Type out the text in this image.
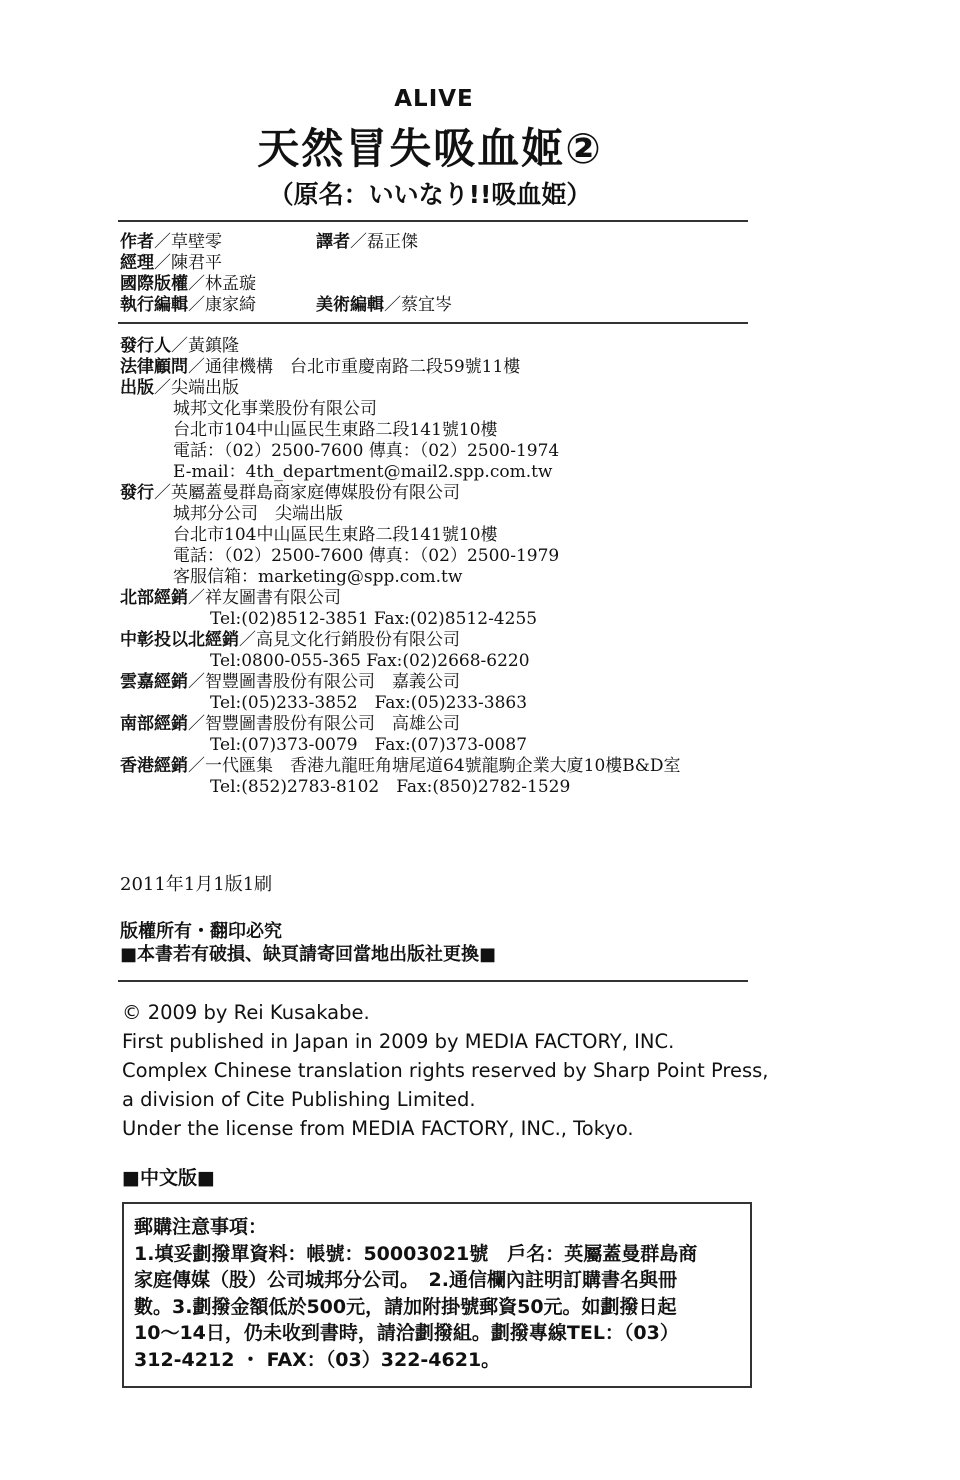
ALIVE
天然冒失吸血姬②
（原名：いいなり!!吸血姫）
作者／草壁零	譯者／磊正傑
經理／陳君平
國際版權／林孟璇
執行編輯／康家綺	美術編輯／蔡宜岑
發行人／黃鎮隆
法律顧問／通律機構　台北市重慶南路二段59號11樓
出版／尖端出版
城邦文化事業股份有限公司
台北市104中山區民生東路二段141號10樓
電話：（02）2500-7600 傳真：（02）2500-1974
E-mail：4th_department@mail2.spp.com.tw
發行／英屬蓋曼群島商家庭傳媒股份有限公司
城邦分公司　尖端出版
台北市104中山區民生東路二段141號10樓
電話：（02）2500-7600 傳真：（02）2500-1979
客服信箱：marketing@spp.com.tw
北部經銷／祥友圖書有限公司
Tel:(02)8512-3851 Fax:(02)8512-4255
中彰投以北經銷／高見文化行銷股份有限公司
Tel:0800-055-365 Fax:(02)2668-6220
雲嘉經銷／智豐圖書股份有限公司　嘉義公司
Tel:(05)233-3852　Fax:(05)233-3863
南部經銷／智豐圖書股份有限公司　高雄公司
Tel:(07)373-0079　Fax:(07)373-0087
香港經銷／一代匯集　香港九龍旺角塘尾道64號龍駒企業大廈10樓B&D室
Tel:(852)2783-8102　Fax:(850)2782-1529
2011年1月1版1刷
版權所有・翻印必究
■本書若有破損、缺頁請寄回當地出版社更換■
© 2009 by Rei Kusakabe.
First published in Japan in 2009 by MEDIA FACTORY, INC.
Complex Chinese translation rights reserved by Sharp Point Press,
a division of Cite Publishing Limited.
Under the license from MEDIA FACTORY, INC., Tokyo.
■中文版■
郵購注意事項：
1.填妥劃撥單資料：帳號：50003021號　戶名：英屬蓋曼群島商
家庭傳媒（股）公司城邦分公司。　2.通信欄內註明訂購書名與冊
數。3.劃撥金額低於500元，請加附掛號郵資50元。如劃撥日起
10～14日，仍未收到書時，請洽劃撥組。劃撥專線TEL：（03）
312-4212 ・ FAX：（03）322-4621。
